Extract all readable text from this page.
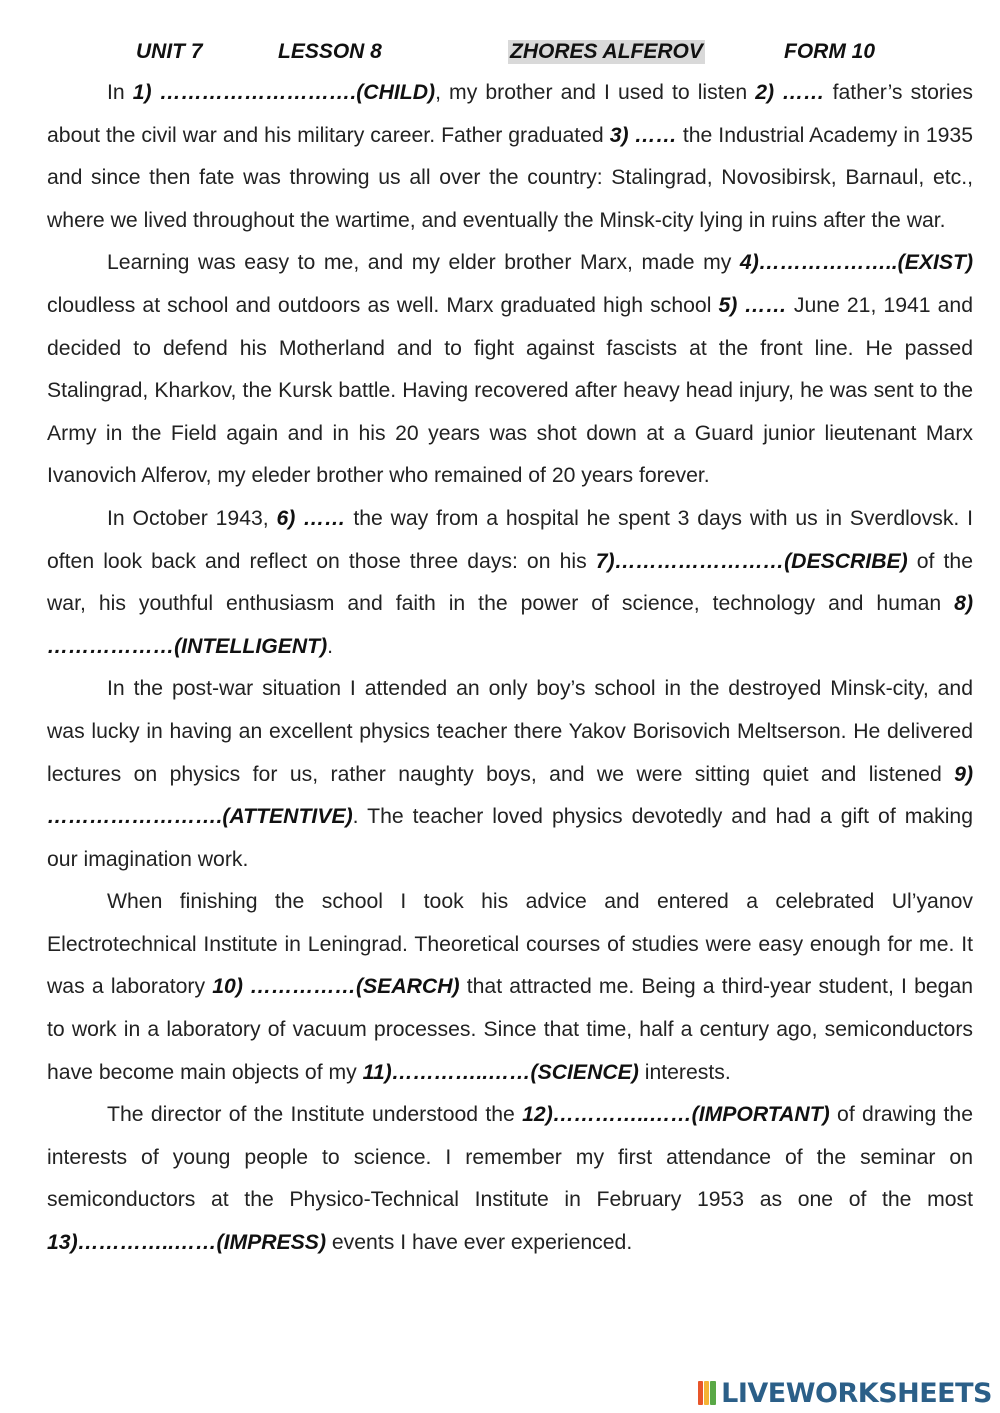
UNIT 7	LESSON 8	ZHORES ALFEROV	FORM 10

In 1) ……………………….(CHILD), my brother and I used to listen 2) …… father’s stories about the civil war and his military career. Father graduated 3) …… the Industrial Academy in 1935 and since then fate was throwing us all over the country: Stalingrad, Novosibirsk, Barnaul, etc., where we lived throughout the wartime, and eventually the Minsk-city lying in ruins after the war.

Learning was easy to me, and my elder brother Marx, made my 4)………………..(EXIST) cloudless at school and outdoors as well. Marx graduated high school 5) …… June 21, 1941 and decided to defend his Motherland and to fight against fascists at the front line. He passed Stalingrad, Kharkov, the Kursk battle. Having recovered after heavy head injury, he was sent to the Army in the Field again and in his 20 years was shot down at a Guard junior lieutenant Marx Ivanovich Alferov, my eleder brother who remained of 20 years forever.

In October 1943, 6) …… the way from a hospital he spent 3 days with us in Sverdlovsk. I often look back and reflect on those three days: on his 7)……………………(DESCRIBE) of the war, his youthful enthusiasm and faith in the power of science, technology and human 8) ………………(INTELLIGENT).

In the post-war situation I attended an only boy’s school in the destroyed Minsk-city, and was lucky in having an excellent physics teacher there Yakov Borisovich Meltserson. He delivered lectures on physics for us, rather naughty boys, and we were sitting quiet and listened 9) …………………….(ATTENTIVE). The teacher loved physics devotedly and had a gift of making our imagination work.

When finishing the school I took his advice and entered a celebrated Ul’yanov Electrotechnical Institute in Leningrad. Theoretical courses of studies were easy enough for me. It was a laboratory 10) ……………(SEARCH) that attracted me. Being a third-year student, I began to work in a laboratory of vacuum processes. Since that time, half a century ago, semiconductors have become main objects of my 11)…………..……(SCIENCE) interests.

The director of the Institute understood the 12)…………..……(IMPORTANT) of drawing the interests of young people to science. I remember my first attendance of the seminar on semiconductors at the Physico-Technical Institute in February 1953 as one of the most 13)…………..……(IMPRESS) events I have ever experienced.

LIVEWORKSHEETS
